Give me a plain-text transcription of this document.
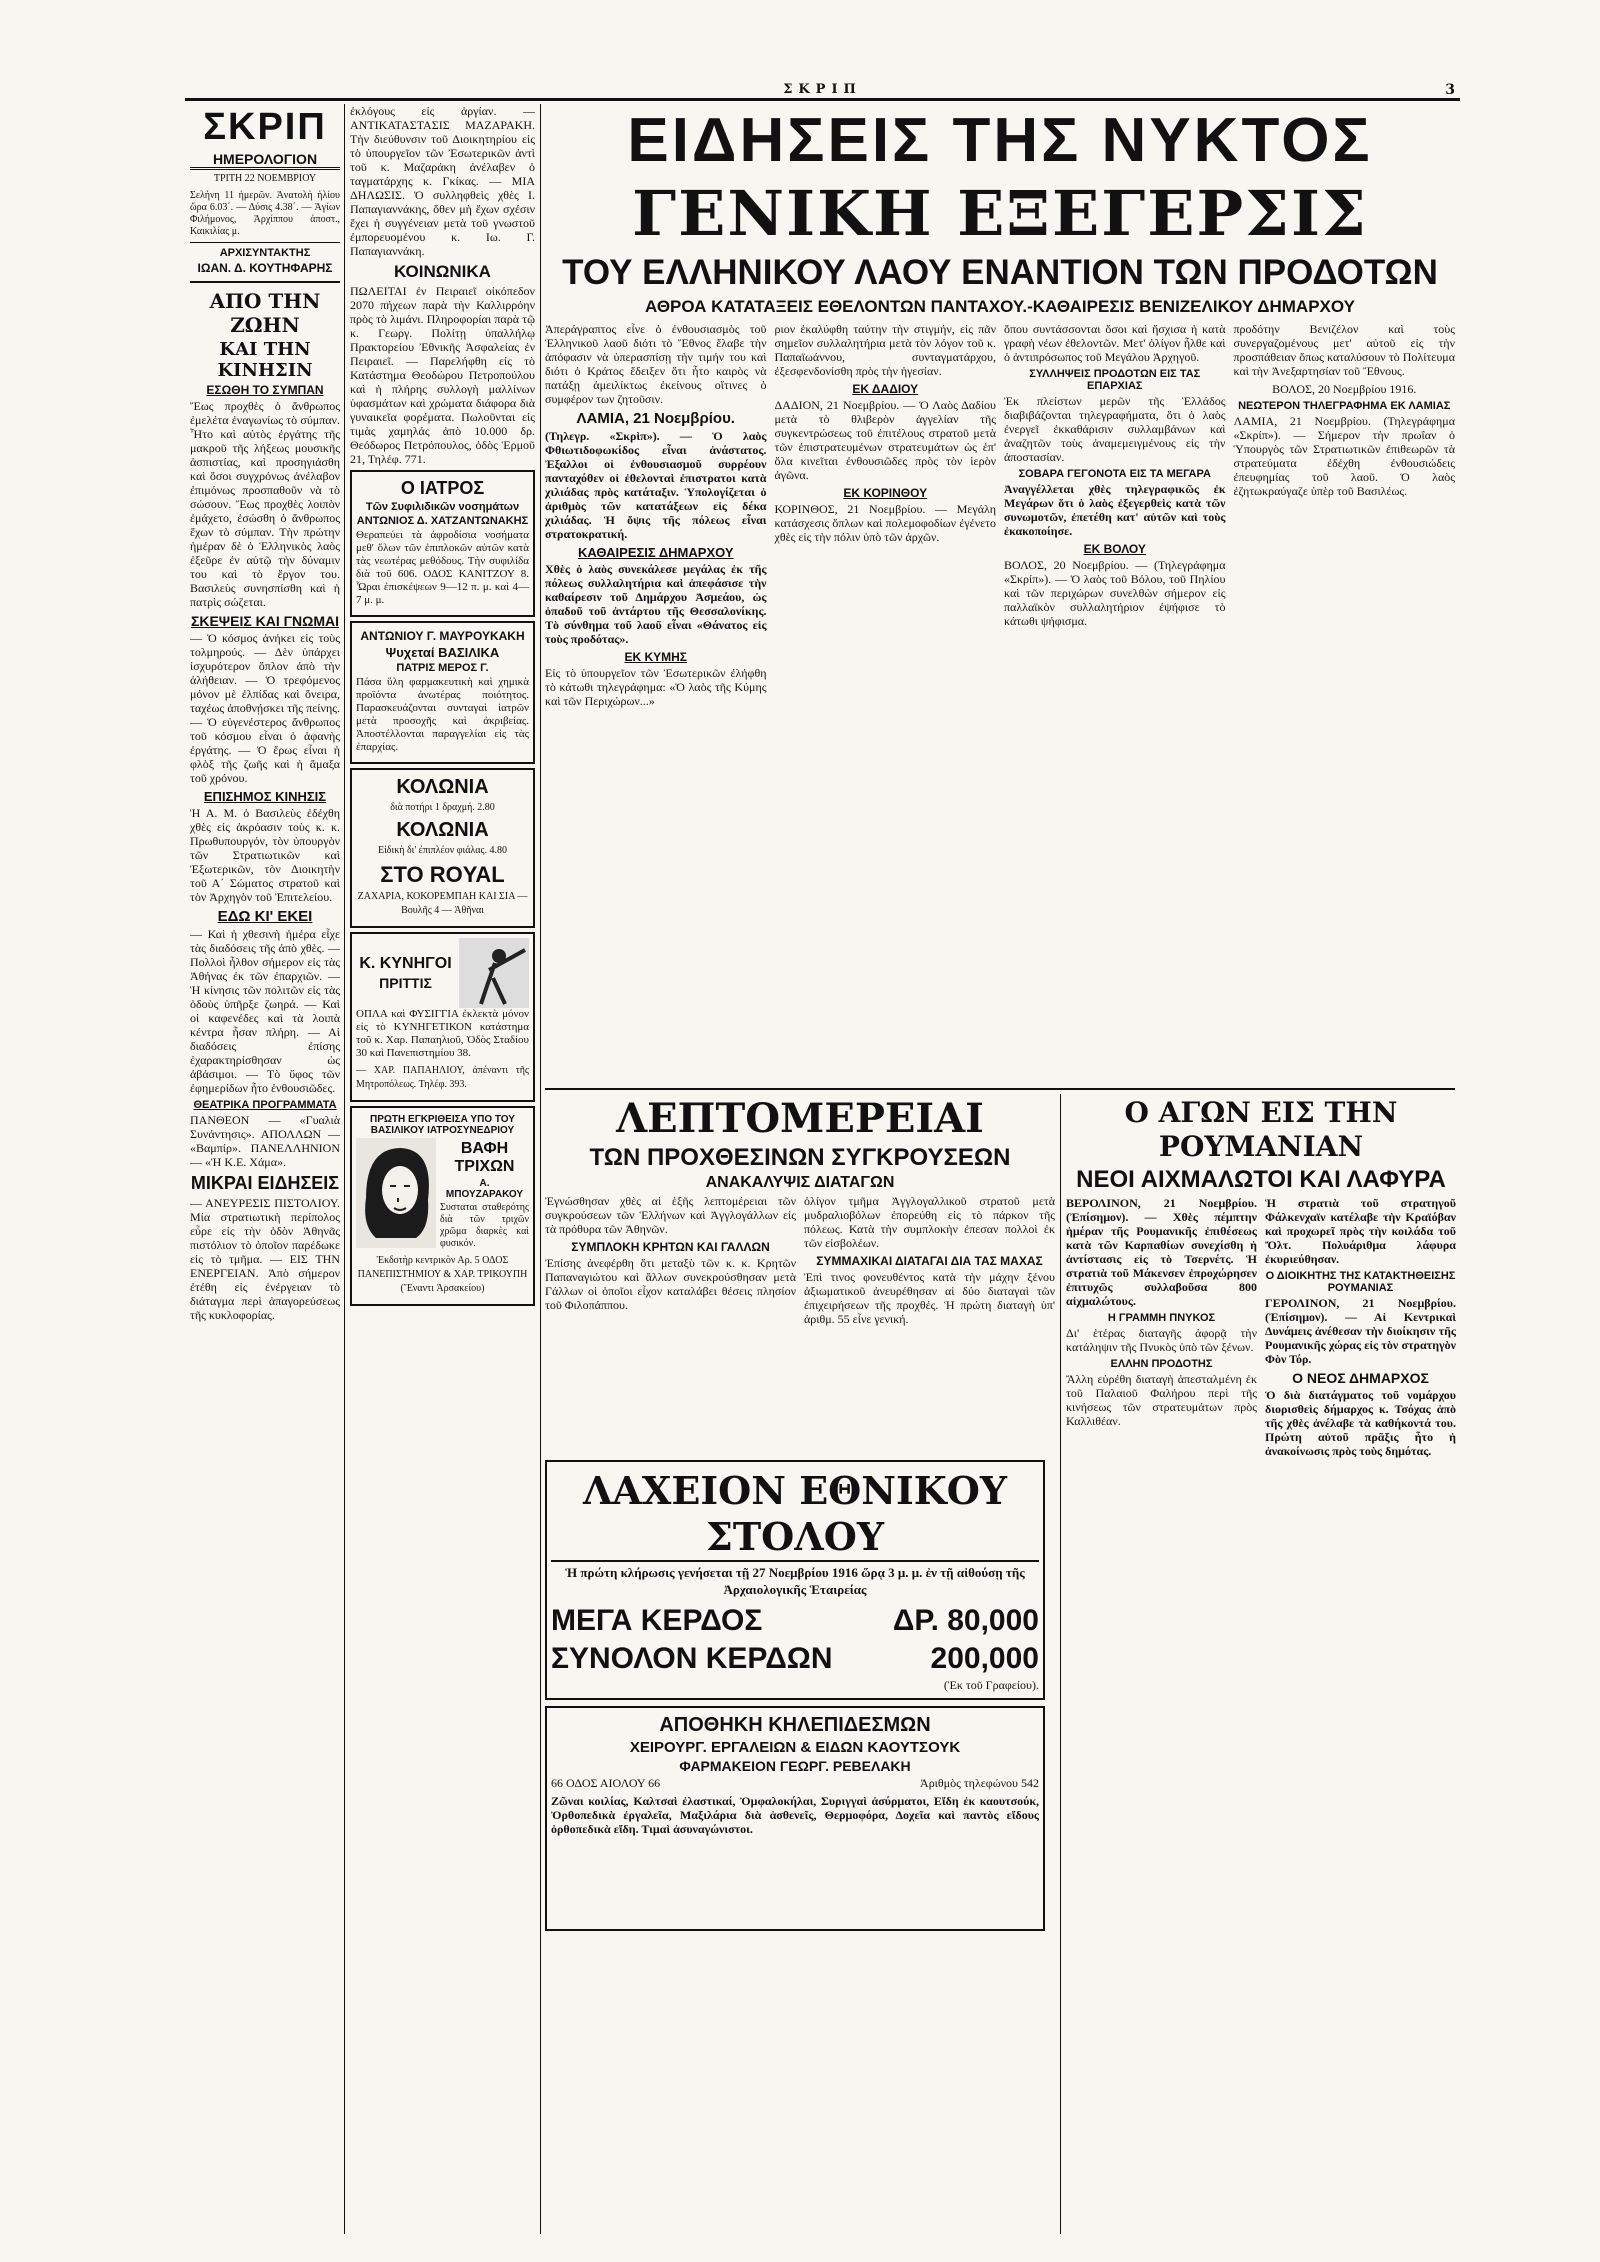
ΣΚΡΙΠ	3
ΣΚΡΙΠ
ΗΜΕΡΟΛΟΓΙΟΝ

ΤΡΙΤΗ 22 ΝΟΕΜΒΡΙΟΥ

Σελήνη 11 ἡμερῶν. Ἀνατολὴ ἡλίου ὥρα 6.03΄. — Δύσις 4.38΄. — Ἁγίων Φιλήμονος, Ἀρχίππου ἀποστ., Καικιλίας μ.

ΑΡΧΙΣΥΝΤΑΚΤΗΣ
ΙΩΑΝ. Δ. ΚΟΥΤΗΦΑΡΗΣ
ΑΠΟ ΤΗΝ ΖΩΗΝ
ΚΑΙ ΤΗΝ ΚΙΝΗΣΙΝ
ΕΣΩΘΗ ΤΟ ΣΥΜΠΑΝ

Ἔως προχθὲς ὁ ἄνθρωπος ἐμελέτα ἐναγωνίως τὸ σύμπαν. Ἦτο καὶ αὐτὸς ἐργάτης τῆς μακροῦ τῆς λήξεως μουσικῆς ἀσπιστίας, καὶ προσηγιάσθη καὶ ὅσοι συγχρόνως ἀνέλαβον ἐπιμόνως προσπαθοῦν νὰ τὸ σώσουν. Ἔως προχθὲς λοιπὸν ἐμάχετο, ἐσώσθη ὁ ἄνθρωπος ἔχων τὸ σύμπαν. Τὴν πρώτην ἡμέραν δὲ ὁ Ἑλληνικὸς λαὸς ἐξεῦρε ἐν αὐτῷ τὴν δύναμιν του καὶ τὸ ἔργον του. Βασιλεὺς συνησπίσθη καὶ ἡ πατρὶς σώζεται.

ΣΚΕΨΕΙΣ ΚΑΙ ΓΝΩΜΑΙ

— Ὁ κόσμος ἀνήκει εἰς τοὺς τολμηρούς. — Δὲν ὑπάρχει ἰσχυρότερον ὅπλον ἀπὸ τὴν ἀλήθειαν. — Ὁ τρεφόμενος μόνον μὲ ἐλπίδας καὶ ὄνειρα, ταχέως ἀποθνῄσκει τῆς πείνης. — Ὁ εὐγενέστερος ἄνθρωπος τοῦ κόσμου εἶναι ὁ ἀφανὴς ἐργάτης. — Ὁ ἔρως εἶναι ἡ φλὸξ τῆς ζωῆς καὶ ἡ ἄμαξα τοῦ χρόνου.

ΕΠΙΣΗΜΟΣ ΚΙΝΗΣΙΣ

Ἡ Α. Μ. ὁ Βασιλεὺς ἐδέχθη χθὲς εἰς ἀκρόασιν τοὺς κ. κ. Πρωθυπουργόν, τὸν ὑπουργὸν τῶν Στρατιωτικῶν καὶ Ἐξωτερικῶν, τὸν Διοικητὴν τοῦ Α΄ Σώματος στρατοῦ καὶ τὸν Ἀρχηγὸν τοῦ Ἐπιτελείου.

ΕΔΩ ΚΙ' ΕΚΕΙ

— Καὶ ἡ χθεσινὴ ἡμέρα εἶχε τὰς διαδόσεις τῆς ἀπὸ χθὲς. — Πολλοὶ ἦλθον σήμερον εἰς τὰς Ἀθήνας ἐκ τῶν ἐπαρχιῶν. — Ἡ κίνησις τῶν πολιτῶν εἰς τὰς ὁδοὺς ὑπῆρξε ζωηρά. — Καὶ οἱ καφενέδες καὶ τὰ λοιπὰ κέντρα ἦσαν πλήρη. — Αἱ διαδόσεις ἐπίσης ἐχαρακτηρίσθησαν ὡς ἀβάσιμοι. — Τὸ ὕφος τῶν ἐφημερίδων ἦτο ἐνθουσιῶδες.

ΘΕΑΤΡΙΚΑ ΠΡΟΓΡΑΜΜΑΤΑ

ΠΑΝΘΕΟΝ — «Γυαλιὰ Συνάντησις». ΑΠΟΛΛΩΝ — «Βαμπίρ». ΠΑΝΕΛΛΗΝΙΟΝ — «Ἡ Κ.Ε. Χάμα».

ΜΙΚΡΑΙ ΕΙΔΗΣΕΙΣ

— ΑΝΕΥΡΕΣΙΣ ΠΙΣΤΟΛΙΟΥ. Μία στρατιωτικὴ περίπολος εὗρε εἰς τὴν ὁδὸν Ἀθηνᾶς πιστόλιον τὸ ὁποῖον παρέδωκε εἰς τὸ τμῆμα. — ΕΙΣ ΤΗΝ ΕΝΕΡΓΕΙΑΝ. Ἀπὸ σήμερον ἐτέθη εἰς ἐνέργειαν τὸ διάταγμα περὶ ἀπαγορεύσεως τῆς κυκλοφορίας.

ἐκλόγους εἰς ἀργίαν. — ΑΝΤΙΚΑΤΑΣΤΑΣΙΣ ΜΑΖΑΡΑΚΗ. Τὴν διεύθυνσιν τοῦ Διοικητηρίου εἰς τὸ ὑπουργεῖον τῶν Ἐσωτερικῶν ἀντὶ τοῦ κ. Μαζαράκη ἀνέλαβεν ὁ ταγματάρχης κ. Γκίκας. — ΜΙΑ ΔΗΛΩΣΙΣ. Ὁ συλληφθεὶς χθὲς Ι. Παπαγιαννάκης, ὅθεν μὴ ἔχων σχέσιν ἔχει ἡ συγγένειαν μετὰ τοῦ γνωστοῦ ἐμπορευομένου κ. Ιω. Γ. Παπαγιαννάκη.

ΚΟΙΝΩΝΙΚΑ

ΠΩΛΕΙΤΑΙ ἐν Πειραιεῖ οἰκόπεδον 2070 πήχεων παρὰ τὴν Καλλιρρόην πρὸς τὸ λιμάνι. Πληροφορίαι παρὰ τῷ κ. Γεωργ. Πολίτῃ ὑπαλλήλῳ Πρακτορείου Ἐθνικῆς Ἀσφαλείας ἐν Πειραιεῖ. — Παρελήφθη εἰς τὸ Κατάστημα Θεοδώρου Πετροπούλου καὶ ἡ πλήρης συλλογὴ μαλλίνων ὑφασμάτων καὶ χρώματα διάφορα διὰ γυναικεῖα φορέματα. Πωλοῦνται εἰς τιμὰς χαμηλάς ἀπὸ 10.000 δρ. Θεόδωρος Πετρόπουλος, ὁδὸς Ἑρμοῦ 21, Τηλέφ. 771.

Ο ΙΑΤΡΟΣ
Τῶν Συφιλιδικῶν νοσημάτων
ΑΝΤΩΝΙΟΣ Δ. ΧΑΤΖΑΝΤΩΝΑΚΗΣ

Θεραπεύει τὰ ἀφροδίσια νοσήματα μεθ' ὅλων τῶν ἐπιπλοκῶν αὐτῶν κατὰ τὰς νεωτέρας μεθόδους. Τὴν συφιλίδα διὰ τοῦ 606. ΟΔΟΣ ΚΑΝΙΤΖΟΥ 8. Ὧραι ἐπισκέψεων 9—12 π. μ. καὶ 4—7 μ. μ.

ΑΝΤΩΝΙΟΥ Γ. ΜΑΥΡΟΥΚΑΚΗ
Ψυχεταί ΒΑΣΙΛΙΚΑ
ΠΑΤΡΙΣ ΜΕΡΟΣ Γ.

Πάσα ὕλη φαρμακευτικὴ καὶ χημικὰ προϊόντα ἀνωτέρας ποιότητος. Παρασκευάζονται συνταγαὶ ἰατρῶν μετὰ προσοχῆς καὶ ἀκριβείας. Ἀποστέλλονται παραγγελίαι εἰς τὰς ἐπαρχίας.

ΚΟΛΩΝΙΑ

διὰ ποτήρι 1 δραχμή. 2.80

ΚΟΛΩΝΙΑ

Εἰδικὴ δι' ἐπιπλέον φιάλας. 4.80

ΣΤΟ ROYAL

ΖΑΧΑΡΙΑ, ΚΟΚΟΡΕΜΠΑΗ ΚΑΙ ΣΙΑ — Βουλῆς 4 — Ἀθῆναι

Κ. ΚΥΝΗΓΟΙ
ΠΡΙΤΤΙΣ

ΟΠΛΑ καὶ ΦΥΣΙΓΓΙΑ ἐκλεκτὰ μόνον εἰς τὸ ΚΥΝΗΓΕΤΙΚΟΝ κατάστημα τοῦ κ. Χαρ. Παπαηλιοῦ, Ὁδὸς Σταδίου 30 καὶ Πανεπιστημίου 38.

— ΧΑΡ. ΠΑΠΑΗΛΙΟΥ, ἀπέναντι τῆς Μητροπόλεως. Τηλέφ. 393.

ΠΡΩΤΗ ΕΓΚΡΙΘΕΙΣΑ ΥΠΟ ΤΟΥ ΒΑΣΙΛΙΚΟΥ ΙΑΤΡΟΣΥΝΕΔΡΙΟΥ
ΒΑΦΗ ΤΡΙΧΩΝ
Α. ΜΠΟΥΖΑΡΑΚΟΥ

Συσταται σταθερότης διὰ τῶν τριχῶν χρῶμα διαρκὲς καὶ φυσικόν.

Ἐκδοτὴρ κεντρικὸν Αρ. 5 ΟΔΟΣ ΠΑΝΕΠΙΣΤΗΜΙΟΥ & ΧΑΡ. ΤΡΙΚΟΥΠΗ (Ἔναντι Ἀρσακείου)

ΕΙΔΗΣΕΙΣ ΤΗΣ ΝΥΚΤΟΣ
ΓΕΝΙΚΗ ΕΞΕΓΕΡΣΙΣ
ΤΟΥ ΕΛΛΗΝΙΚΟΥ ΛΑΟΥ ΕΝΑΝΤΙΟΝ ΤΩΝ ΠΡΟΔΟΤΩΝ
ΑΘΡΟΑ ΚΑΤΑΤΑΞΕΙΣ ΕΘΕΛΟΝΤΩΝ ΠΑΝΤΑΧΟΥ.-ΚΑΘΑΙΡΕΣΙΣ ΒΕΝΙΖΕΛΙΚΟΥ ΔΗΜΑΡΧΟΥ

Ἀπεράγραπτος εἶνε ὁ ἐνθουσιασμὸς τοῦ Ἑλληνικοῦ λαοῦ διότι τὸ Ἔθνος ἔλαβε τὴν ἀπόφασιν νὰ ὑπερασπίσῃ τὴν τιμήν του καὶ διότι ὁ Κράτος ἔδειξεν ὅτι ἦτο καιρὸς νὰ πατάξῃ ἀμειλίκτως ἐκείνους οἵτινες ὁ συμφέρον των ζητοῦσιν.

ΛΑΜΙΑ, 21 Νοεμβρίου.

(Τηλεγρ. «Σκρὶπ»). — Ὁ λαὸς Φθιωτιδοφωκίδος εἶναι ἀνάστατος. Ἐξαλλοι οἱ ἐνθουσιασμοῦ συρρέουν πανταχόθεν οἱ ἐθελονταὶ ἐπιστρατοι κατὰ χιλιάδας πρὸς κατάταξιν. Ὑπολογίζεται ὁ ἀριθμὸς τῶν κατατάξεων εἰς δέκα χιλιάδας. Ἡ ὄψις τῆς πόλεως εἶναι στρατοκρατική.

ΚΑΘΑΙΡΕΣΙΣ ΔΗΜΑΡΧΟΥ

Χθὲς ὁ λαὸς συνεκάλεσε μεγάλας ἐκ τῆς πόλεως συλλαλητήρια καὶ ἀπεφάσισε τὴν καθαίρεσιν τοῦ Δημάρχου Ἀσμεάου, ὡς ὀπαδοῦ τοῦ ἀντάρτου τῆς Θεσσαλονίκης. Τὸ σύνθημα τοῦ λαοῦ εἶναι «Θάνατος εἰς τοὺς προδότας».

ΕΚ ΚΥΜΗΣ

Εἰς τὸ ὑπουργεῖον τῶν Ἐσωτερικῶν ἐλήφθη τὸ κάτωθι τηλεγράφημα: «Ὁ λαὸς τῆς Κύμης καὶ τῶν Περιχώρων...»

ριον ἐκαλύφθη ταύτην τὴν στιγμήν, εἰς πᾶν σημεῖον συλλαλητήρια μετὰ τὸν λόγον τοῦ κ. Παπαϊωάννου, συνταγματάρχου, ἐξεσφενδονίσθη πρὸς τὴν ἡγεσίαν.

ΕΚ ΔΑΔΙΟΥ

ΔΑΔΙΟΝ, 21 Νοεμβρίου. — Ὁ Λαὸς Δαδίου μετὰ τὸ θλιβερὸν ἀγγελίαν τῆς συγκεντρώσεως τοῦ ἐπιτέλους στρατοῦ μετὰ τῶν ἐπιστρατευμένων στρατευμάτων ὡς ἐπ' ὅλα κινεῖται ἐνθουσιῶδες πρὸς τὸν ἱερὸν ἀγῶνα.

ΕΚ ΚΟΡΙΝΘΟΥ

ΚΟΡΙΝΘΟΣ, 21 Νοεμβρίου. — Μεγάλη κατάσχεσις ὅπλων καὶ πολεμοφοδίων ἐγένετο χθὲς εἰς τὴν πόλιν ὑπὸ τῶν ἀρχῶν.

ὅπου συντάσσονται ὅσοι καὶ ἤσχισα ἡ κατὰ γραφὴ νέων ἐθελοντῶν. Μετ' ὀλίγον ἦλθε καὶ ὁ ἀντιπρόσωπος τοῦ Μεγάλου Ἀρχηγοῦ.

ΣΥΛΛΗΨΕΙΣ ΠΡΟΔΟΤΩΝ ΕΙΣ ΤΑΣ ΕΠΑΡΧΙΑΣ

Ἐκ πλείστων μερῶν τῆς Ἑλλάδος διαβιβάζονται τηλεγραφήματα, ὅτι ὁ λαὸς ἐνεργεῖ ἐκκαθάρισιν συλλαμβάνων καὶ ἀναζητῶν τοὺς ἀναμεμειγμένους εἰς τὴν ἀποστασίαν.

ΣΟΒΑΡΑ ΓΕΓΟΝΟΤΑ ΕΙΣ ΤΑ ΜΕΓΑΡΑ

Ἀναγγέλλεται χθὲς τηλεγραφικῶς ἐκ Μεγάρων ὅτι ὁ λαὸς ἐξεγερθεὶς κατὰ τῶν συνωμοτῶν, ἐπετέθη κατ' αὐτῶν καὶ τοὺς ἐκακοποίησε.

ΕΚ ΒΟΛΟΥ

ΒΟΛΟΣ, 20 Νοεμβρίου. — (Τηλεγράφημα «Σκρίπ»). — Ὁ λαὸς τοῦ Βόλου, τοῦ Πηλίου καὶ τῶν περιχώρων συνελθὼν σήμερον εἰς παλλαϊκὸν συλλαλητήριον ἐψήφισε τὸ κάτωθι ψήφισμα.

προδότην Βενιζέλον καὶ τοὺς συνεργαζομένους μετ' αὐτοῦ εἰς τὴν προσπάθειαν ὅπως καταλύσουν τὸ Πολίτευμα καὶ τὴν Ἀνεξαρτησίαν τοῦ Ἔθνους.

ΒΟΛΟΣ, 20 Νοεμβρίου 1916.

ΝΕΩΤΕΡΟΝ ΤΗΛΕΓΡΑΦΗΜΑ ΕΚ ΛΑΜΙΑΣ

ΛΑΜΙΑ, 21 Νοεμβρίου. (Τηλεγράφημα «Σκρίπ»). — Σήμερον τὴν πρωΐαν ὁ Ὑπουργὸς τῶν Στρατιωτικῶν ἐπιθεωρῶν τὰ στρατεύματα ἐδέχθη ἐνθουσιώδεις ἐπευφημίας τοῦ λαοῦ. Ὁ λαὸς ἐζητωκραύγαζε ὑπὲρ τοῦ Βασιλέως.

ΛΕΠΤΟΜΕΡΕΙΑΙ
ΤΩΝ ΠΡΟΧΘΕΣΙΝΩΝ ΣΥΓΚΡΟΥΣΕΩΝ
ΑΝΑΚΑΛΥΨΙΣ ΔΙΑΤΑΓΩΝ

Ἐγνώσθησαν χθὲς αἱ ἑξῆς λεπτομέρειαι τῶν συγκρούσεων τῶν Ἑλλήνων καὶ Ἀγγλογάλλων εἰς τὰ πρόθυρα τῶν Ἀθηνῶν.

ΣΥΜΠΛΟΚΗ ΚΡΗΤΩΝ ΚΑΙ ΓΑΛΛΩΝ

Ἐπίσης ἀνεφέρθη ὅτι μεταξὺ τῶν κ. κ. Κρητῶν Παπαναγιώτου καὶ ἄλλων συνεκρούσθησαν μετὰ Γάλλων οἱ ὁποῖοι εἶχον καταλάβει θέσεις πλησίον τοῦ Φιλοπάππου.

ὀλίγον τμῆμα Ἀγγλογαλλικοῦ στρατοῦ μετὰ μυδραλιοβόλων ἐπορεύθη εἰς τὸ πάρκον τῆς πόλεως. Κατὰ τὴν συμπλοκὴν ἐπεσαν πολλοὶ ἐκ τῶν εἰσβολέων.

ΣΥΜΜΑΧΙΚΑΙ ΔΙΑΤΑΓΑΙ ΔΙΑ ΤΑΣ ΜΑΧΑΣ

Ἐπὶ τινος φονευθέντος κατὰ τὴν μάχην ξένου ἀξιωματικοῦ ἀνευρέθησαν αἱ δύο διαταγαὶ τῶν ἐπιχειρήσεων τῆς προχθές. Ἡ πρώτη διαταγὴ ὑπ' ἀριθμ. 55 εἶνε γενική.

Ο ΑΓΩΝ ΕΙΣ ΤΗΝ ΡΟΥΜΑΝΙΑΝ
ΝΕΟΙ ΑΙΧΜΑΛΩΤΟΙ ΚΑΙ ΛΑΦΥΡΑ

ΒΕΡΟΛΙΝΟΝ, 21 Νοεμβρίου. (Ἐπίσημον). — Χθὲς πέμπτην ἡμέραν τῆς Ρουμανικῆς ἐπιθέσεως κατὰ τῶν Καρπαθίων συνεχίσθη ἡ ἀντίστασις εἰς τὸ Τσερνέτς. Ἡ στρατιὰ τοῦ Μάκενσεν ἐπροχώρησεν ἐπιτυχῶς συλλαβοῦσα 800 αἰχμαλώτους.

Η ΓΡΑΜΜΗ ΠΝΥΚΟΣ

Δι' ἑτέρας διαταγῆς ἀφορᾷ τὴν κατάληψιν τῆς Πνυκὸς ὑπὸ τῶν ξένων.

ΕΛΛΗΝ ΠΡΟΔΟΤΗΣ

Ἄλλη εὑρέθη διαταγὴ ἀπεσταλμένη ἐκ τοῦ Παλαιοῦ Φαλήρου περὶ τῆς κινήσεως τῶν στρατευμάτων πρὸς Καλλιθέαν.

Ἡ στρατιὰ τοῦ στρατηγοῦ Φάλκενχαϊν κατέλαβε τὴν Κραϊόβαν καὶ προχωρεῖ πρὸς τὴν κοιλάδα τοῦ Ὄλτ. Πολυάριθμα λάφυρα ἐκυριεύθησαν.

Ο ΔΙΟΙΚΗΤΗΣ ΤΗΣ ΚΑΤΑΚΤΗΘΕΙΣΗΣ ΡΟΥΜΑΝΙΑΣ

ΓΕΡΟΛΙΝΟΝ, 21 Νοεμβρίου. (Ἐπίσημον). — Αἱ Κεντρικαὶ Δυνάμεις ἀνέθεσαν τὴν διοίκησιν τῆς Ρουμανικῆς χώρας εἰς τὸν στρατηγὸν Φὸν Τόρ.

Ο ΝΕΟΣ ΔΗΜΑΡΧΟΣ

Ὁ διὰ διατάγματος τοῦ νομάρχου διορισθεὶς δήμαρχος κ. Τσόχας ἀπὸ τῆς χθὲς ἀνέλαβε τὰ καθήκοντά του. Πρώτη αὐτοῦ πρᾶξις ἦτο ἡ ἀνακοίνωσις πρὸς τοὺς δημότας.

ΛΑΧΕΙΟΝ ΕΘΝΙΚΟΥ ΣΤΟΛΟΥ

Ἡ πρώτη κλήρωσις γενήσεται τῇ 27 Νοεμβρίου 1916 ὥρᾳ 3 μ. μ. ἐν τῇ αἰθούσῃ τῆς Ἀρχαιολογικῆς Ἑταιρείας

ΜΕΓΑ ΚΕΡΔΟΣ	ΔΡ. 80,000
ΣΥΝΟΛΟΝ ΚΕΡΔΩΝ	200,000

(Ἐκ τοῦ Γραφείου).

ΑΠΟΘΗΚΗ ΚΗΛΕΠΙΔΕΣΜΩΝ
ΧΕΙΡΟΥΡΓ. ΕΡΓΑΛΕΙΩΝ & ΕΙΔΩΝ ΚΑΟΥΤΣΟΥΚ
ΦΑΡΜΑΚΕΙΟΝ ΓΕΩΡΓ. ΡΕΒΕΛΑΚΗ
66 ΟΔΟΣ ΑΙΟΛΟΥ 66	Ἀριθμὸς τηλεφώνου 542

Ζῶναι κοιλίας, Καλτσαὶ ἐλαστικαί, Ὀμφαλοκήλαι, Συριγγαὶ ἀσύρματοι, Εἴδη ἐκ καουτσούκ, Ὀρθοπεδικὰ ἐργαλεῖα, Μαξιλάρια διὰ ἀσθενεῖς, Θερμοφόρα, Δοχεῖα καὶ παντὸς εἴδους ὀρθοπεδικὰ εἴδη. Τιμαὶ ἀσυναγώνιστοι.
